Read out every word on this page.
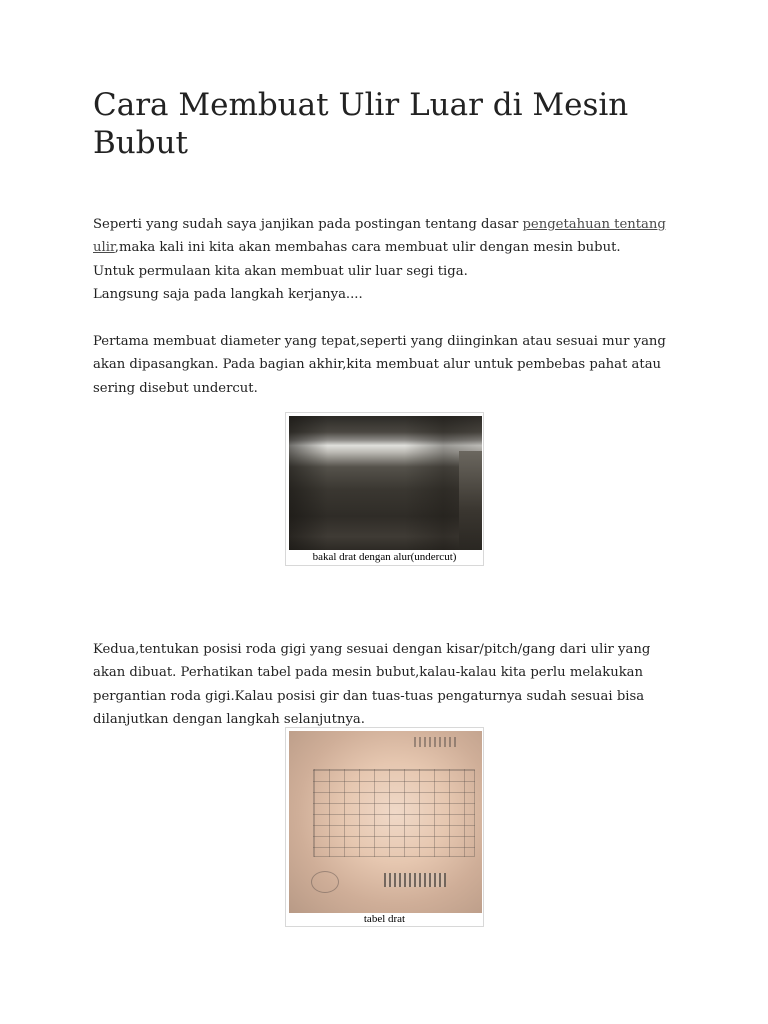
Cara Membuat Ulir Luar di Mesin
Bubut

Seperti yang sudah saya janjikan pada postingan tentang dasar pengetahuan tentang
ulir,maka kali ini kita akan membahas cara membuat ulir dengan mesin bubut.
Untuk permulaan kita akan membuat ulir luar segi tiga.
Langsung saja pada langkah kerjanya....

Pertama membuat diameter yang tepat,seperti yang diinginkan atau sesuai mur yang
akan dipasangkan. Pada bagian akhir,kita membuat alur untuk pembebas pahat atau
sering disebut undercut.

bakal drat dengan alur(undercut)

Kedua,tentukan posisi roda gigi yang sesuai dengan kisar/pitch/gang dari ulir yang
akan dibuat. Perhatikan tabel pada mesin bubut,kalau-kalau kita perlu melakukan
pergantian roda gigi.Kalau posisi gir dan tuas-tuas pengaturnya sudah sesuai bisa
dilanjutkan dengan langkah selanjutnya.

tabel drat
